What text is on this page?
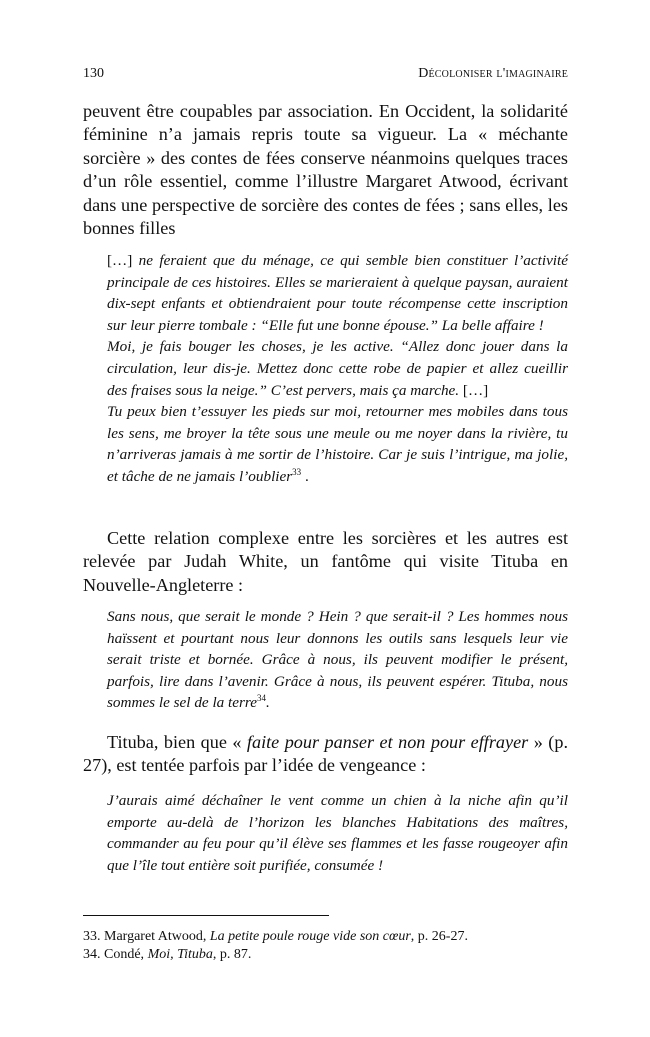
130	Décoloniser l'imaginaire

peuvent être coupables par association. En Occident, la solidarité féminine n’a jamais repris toute sa vigueur. La « méchante sorcière » des contes de fées conserve néanmoins quelques traces d’un rôle essentiel, comme l’illustre Margaret Atwood, écrivant dans une perspective de sorcière des contes de fées ; sans elles, les bonnes filles

[…] ne feraient que du ménage, ce qui semble bien constituer l’activité principale de ces histoires. Elles se marieraient à quelque paysan, auraient dix-sept enfants et obtiendraient pour toute récompense cette inscription sur leur pierre tombale : “Elle fut une bonne épouse.” La belle affaire !

Moi, je fais bouger les choses, je les active. “Allez donc jouer dans la circulation, leur dis-je. Mettez donc cette robe de papier et allez cueillir des fraises sous la neige.” C’est pervers, mais ça marche. […]

Tu peux bien t’essuyer les pieds sur moi, retourner mes mobiles dans tous les sens, me broyer la tête sous une meule ou me noyer dans la rivière, tu n’arriveras jamais à me sortir de l’histoire. Car je suis l’intrigue, ma jolie, et tâche de ne jamais l’oublier$^{33}$ .

Cette relation complexe entre les sorcières et les autres est relevée par Judah White, un fantôme qui visite Tituba en Nouvelle-Angleterre :

Sans nous, que serait le monde ? Hein ? que serait-il ? Les hommes nous haïssent et pourtant nous leur donnons les outils sans lesquels leur vie serait triste et bornée. Grâce à nous, ils peuvent modifier le présent, parfois, lire dans l’avenir. Grâce à nous, ils peuvent espérer. Tituba, nous sommes le sel de la terre$^{34}$.

Tituba, bien que « faite pour panser et non pour effrayer » (p. 27), est tentée parfois par l’idée de vengeance :

J’aurais aimé déchaîner le vent comme un chien à la niche afin qu’il emporte au-delà de l’horizon les blanches Habitations des maîtres, commander au feu pour qu’il élève ses flammes et les fasse rougeoyer afin que l’île tout entière soit purifiée, consumée !

33. Margaret Atwood, La petite poule rouge vide son cœur, p. 26-27.
34. Condé, Moi, Tituba, p. 87.
